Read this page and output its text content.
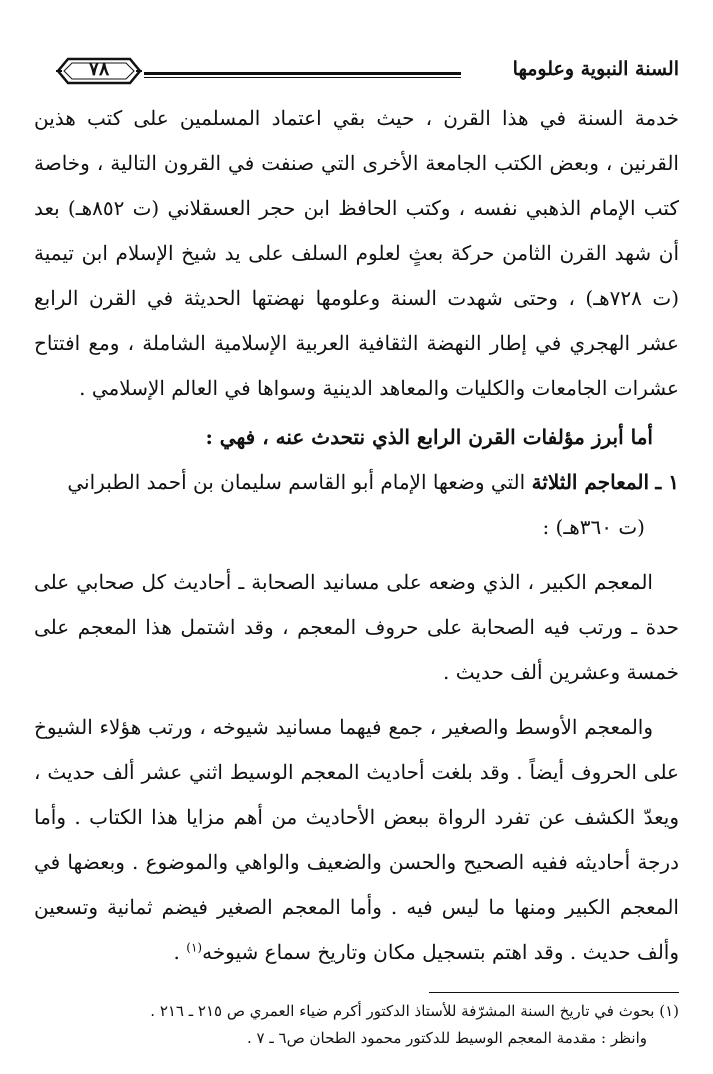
السنة النبوية وعلومها
٧٨

خدمة السنة في هذا القرن ، حيث بقي اعتماد المسلمين على كتب هذين القرنين ، وبعض الكتب الجامعة الأخرى التي صنفت في القرون التالية ، وخاصة كتب الإمام الذهبي نفسه ، وكتب الحافظ ابن حجر العسقلاني (ت ٨٥٢هـ) بعد أن شهد القرن الثامن حركة بعثٍ لعلوم السلف على يد شيخ الإسلام ابن تيمية (ت ٧٢٨هـ) ، وحتى شهدت السنة وعلومها نهضتها الحديثة في القرن الرابع عشر الهجري في إطار النهضة الثقافية العربية الإسلامية الشاملة ، ومع افتتاح عشرات الجامعات والكليات والمعاهد الدينية وسواها في العالم الإسلامي .

أما أبرز مؤلفات القرن الرابع الذي نتحدث عنه ، فهي :

١ ـ المعاجم الثلاثة التي وضعها الإمام أبو القاسم سليمان بن أحمد الطبراني
(ت ٣٦٠هـ) :

المعجم الكبير ، الذي وضعه على مسانيد الصحابة ـ أحاديث كل صحابي على حدة ـ ورتب فيه الصحابة على حروف المعجم ، وقد اشتمل هذا المعجم على خمسة وعشرين ألف حديث .

والمعجم الأوسط والصغير ، جمع فيهما مسانيد شيوخه ، ورتب هؤلاء الشيوخ على الحروف أيضاً . وقد بلغت أحاديث المعجم الوسيط اثني عشر ألف حديث ، ويعدّ الكشف عن تفرد الرواة ببعض الأحاديث من أهم مزايا هذا الكتاب . وأما درجة أحاديثه ففيه الصحيح والحسن والضعيف والواهي والموضوع . وبعضها في المعجم الكبير ومنها ما ليس فيه . وأما المعجم الصغير فيضم ثمانية وتسعين وألف حديث . وقد اهتم بتسجيل مكان وتاريخ سماع شيوخه$^{(١)}$ .

(١) بحوث في تاريخ السنة المشرّفة للأستاذ الدكتور أكرم ضياء العمري ص ٢١٥ ـ ٢١٦ .

وانظر : مقدمة المعجم الوسيط للدكتور محمود الطحان ص٦ ـ ٧ .
